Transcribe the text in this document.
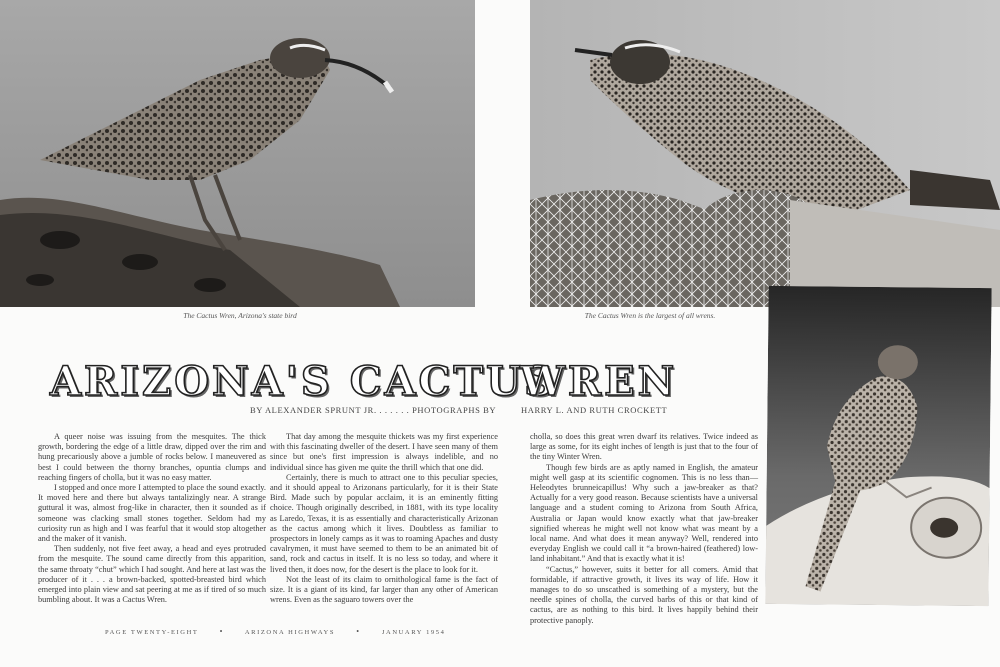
The Cactus Wren, Arizona's state bird	The Cactus Wren is the largest of all wrens.
ARIZONA'S CACTUS
WREN
BY ALEXANDER SPRUNT JR. . . . . . . PHOTOGRAPHS BY	HARRY L. AND RUTH CROCKETT

A queer noise was issuing from the mesquites. The thick growth, bordering the edge of a little draw, dipped over the rim and hung precariously above a jumble of rocks below. I maneuvered as best I could between the thorny branches, opuntia clumps and reaching fingers of cholla, but it was no easy matter.

I stopped and once more I attempted to place the sound exactly. It moved here and there but always tantalizingly near. A strange guttural it was, almost frog-like in character, then it sounded as if someone was clacking small stones together. Seldom had my curiosity run as high and I was fearful that it would stop altogether and the maker of it vanish.

Then suddenly, not five feet away, a head and eyes protruded from the mesquite. The sound came directly from this apparition, the same throaty “chut” which I had sought. And here at last was the producer of it . . . a brown-backed, spotted-breasted bird which emerged into plain view and sat peering at me as if tired of so much bumbling about. It was a Cactus Wren.

That day among the mesquite thickets was my first experience with this fascinating dweller of the desert. I have seen many of them since but one's first impression is always indelible, and no individual since has given me quite the thrill which that one did.

Certainly, there is much to attract one to this peculiar species, and it should appeal to Arizonans particularly, for it is their State Bird. Made such by popular acclaim, it is an eminently fitting choice. Though originally described, in 1881, with its type locality as Laredo, Texas, it is as essentially and characteristically Arizonan as the cactus among which it lives. Doubtless as familiar to prospectors in lonely camps as it was to roaming Apaches and dusty cavalrymen, it must have seemed to them to be an animated bit of sand, rock and cactus in itself. It is no less so today, and where it lived then, it does now, for the desert is the place to look for it.

Not the least of its claim to ornithological fame is the fact of size. It is a giant of its kind, far larger than any other of American wrens. Even as the saguaro towers over the

cholla, so does this great wren dwarf its relatives. Twice indeed as large as some, for its eight inches of length is just that to the four of the tiny Winter Wren.

Though few birds are as aptly named in English, the amateur might well gasp at its scientific cognomen. This is no less than—Heleodytes brunneicapillus! Why such a jaw-breaker as that? Actually for a very good reason. Because scientists have a universal language and a student coming to Arizona from South Africa, Australia or Japan would know exactly what that jaw-breaker signified whereas he might well not know what was meant by a local name. And what does it mean anyway? Well, rendered into everyday English we could call it “a brown-haired (feathered) low-land inhabitant.” And that is exactly what it is!

“Cactus,” however, suits it better for all comers. Amid that formidable, if attractive growth, it lives its way of life. How it manages to do so unscathed is something of a mystery, but the needle spines of cholla, the curved barbs of this or that kind of cactus, are as nothing to this bird. It lives happily behind their protective panoply.

PAGE TWENTY-EIGHT	•	ARIZONA HIGHWAYS	•	JANUARY 1954
